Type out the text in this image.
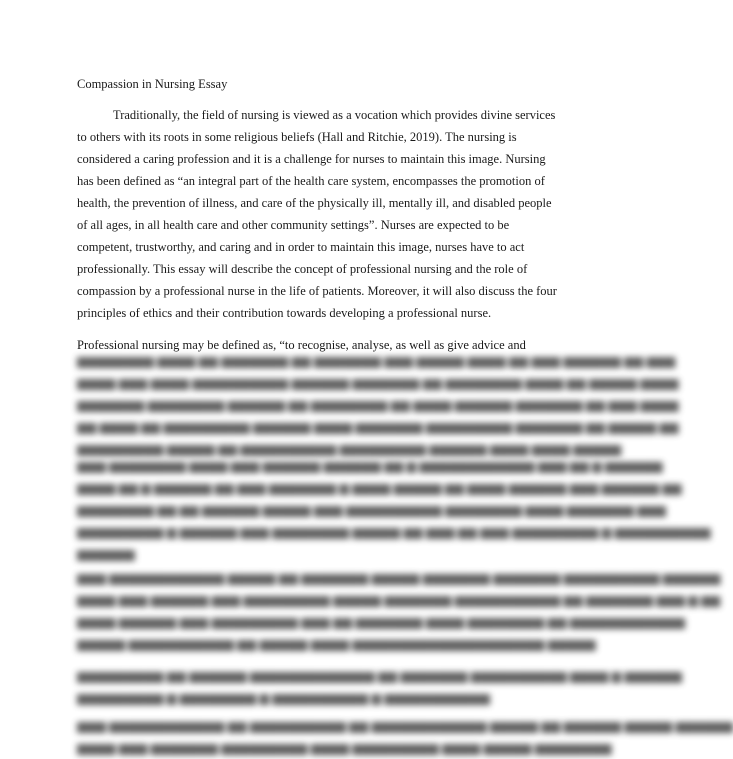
Compassion in Nursing Essay

Traditionally, the field of nursing is viewed as a vocation which provides divine services
to others with its roots in some religious beliefs (Hall and Ritchie, 2019). The nursing is
considered a caring profession and it is a challenge for nurses to maintain this image. Nursing
has been defined as “an integral part of the health care system, encompasses the promotion of
health, the prevention of illness, and care of the physically ill, mentally ill, and disabled people
of all ages, in all health care and other community settings”. Nurses are expected to be
competent, trustworthy, and caring and in order to maintain this image, nurses have to act
professionally. This essay will describe the concept of professional nursing and the role of
compassion by a professional nurse in the life of patients. Moreover, it will also discuss the four
principles of ethics and their contribution towards developing a professional nurse.

Professional nursing may be defined as, “to recognise, analyse, as well as give advice and

▆▆▆▆▆▆▆▆ ▆▆▆▆ ▆▆ ▆▆▆▆▆▆▆ ▆▆ ▆▆▆▆▆▆▆ ▆▆▆ ▆▆▆▆▆ ▆▆▆▆ ▆▆ ▆▆▆ ▆▆▆▆▆▆ ▆▆ ▆▆▆
▆▆▆▆ ▆▆▆ ▆▆▆▆ ▆▆▆▆▆▆▆▆▆▆ ▆▆▆▆▆▆ ▆▆▆▆▆▆▆ ▆▆ ▆▆▆▆▆▆▆▆ ▆▆▆▆ ▆▆ ▆▆▆▆▆ ▆▆▆▆
▆▆▆▆▆▆▆ ▆▆▆▆▆▆▆▆ ▆▆▆▆▆▆ ▆▆ ▆▆▆▆▆▆▆▆ ▆▆ ▆▆▆▆ ▆▆▆▆▆▆ ▆▆▆▆▆▆▆ ▆▆ ▆▆▆ ▆▆▆▆
▆▆ ▆▆▆▆ ▆▆ ▆▆▆▆▆▆▆▆▆ ▆▆▆▆▆▆ ▆▆▆▆ ▆▆▆▆▆▆▆ ▆▆▆▆▆▆▆▆▆ ▆▆▆▆▆▆▆ ▆▆ ▆▆▆▆▆ ▆▆
▆▆▆▆▆▆▆▆▆ ▆▆▆▆▆ ▆▆ ▆▆▆▆▆▆▆▆▆▆ ▆▆▆▆▆▆▆▆▆ ▆▆▆▆▆▆ ▆▆▆▆ ▆▆▆▆ ▆▆▆▆▆
▆▆▆ ▆▆▆▆▆▆▆▆ ▆▆▆▆ ▆▆▆ ▆▆▆▆▆▆ ▆▆▆▆▆▆ ▆▆ ▆ ▆▆▆▆▆▆▆▆▆▆▆▆ ▆▆▆ ▆▆ ▆ ▆▆▆▆▆▆
▆▆▆▆ ▆▆ ▆ ▆▆▆▆▆▆ ▆▆ ▆▆▆ ▆▆▆▆▆▆▆ ▆ ▆▆▆▆ ▆▆▆▆▆ ▆▆ ▆▆▆▆ ▆▆▆▆▆▆ ▆▆▆ ▆▆▆▆▆▆ ▆▆
▆▆▆▆▆▆▆▆ ▆▆ ▆▆ ▆▆▆▆▆▆ ▆▆▆▆▆ ▆▆▆ ▆▆▆▆▆▆▆▆▆▆ ▆▆▆▆▆▆▆▆ ▆▆▆▆ ▆▆▆▆▆▆▆ ▆▆▆
▆▆▆▆▆▆▆▆▆ ▆ ▆▆▆▆▆▆ ▆▆▆ ▆▆▆▆▆▆▆▆ ▆▆▆▆▆ ▆▆ ▆▆▆ ▆▆ ▆▆▆ ▆▆▆▆▆▆▆▆▆ ▆ ▆▆▆▆▆▆▆▆▆▆
▆▆▆▆▆▆
▆▆▆ ▆▆▆▆▆▆▆▆▆▆▆▆ ▆▆▆▆▆ ▆▆ ▆▆▆▆▆▆▆ ▆▆▆▆▆ ▆▆▆▆▆▆▆ ▆▆▆▆▆▆▆ ▆▆▆▆▆▆▆▆▆▆ ▆▆▆▆▆▆
▆▆▆▆ ▆▆▆ ▆▆▆▆▆▆ ▆▆▆ ▆▆▆▆▆▆▆▆▆ ▆▆▆▆▆ ▆▆▆▆▆▆▆ ▆▆▆▆▆▆▆▆▆▆▆ ▆▆ ▆▆▆▆▆▆▆ ▆▆▆ ▆ ▆▆
▆▆▆▆ ▆▆▆▆▆▆ ▆▆▆ ▆▆▆▆▆▆▆▆▆ ▆▆▆ ▆▆ ▆▆▆▆▆▆▆ ▆▆▆▆ ▆▆▆▆▆▆▆▆ ▆▆ ▆▆▆▆▆▆▆▆▆▆▆▆
▆▆▆▆▆ ▆▆▆▆▆▆▆▆▆▆▆ ▆▆ ▆▆▆▆▆ ▆▆▆▆ ▆▆▆▆▆▆▆▆▆▆▆▆▆▆▆▆▆▆▆▆ ▆▆▆▆▆
▆▆▆▆▆▆▆▆▆ ▆▆ ▆▆▆▆▆▆ ▆▆▆▆▆▆▆▆▆▆▆▆▆ ▆▆ ▆▆▆▆▆▆▆ ▆▆▆▆▆▆▆▆▆▆ ▆▆▆▆ ▆ ▆▆▆▆▆▆
▆▆▆▆▆▆▆▆▆ ▆ ▆▆▆▆▆▆▆▆ ▆ ▆▆▆▆▆▆▆▆▆▆ ▆ ▆▆▆▆▆▆▆▆▆▆▆
▆▆▆ ▆▆▆▆▆▆▆▆▆▆▆▆ ▆▆ ▆▆▆▆▆▆▆▆▆▆ ▆▆ ▆▆▆▆▆▆▆▆▆▆▆▆ ▆▆▆▆▆ ▆▆ ▆▆▆▆▆▆ ▆▆▆▆▆ ▆▆▆▆▆▆
▆▆▆▆ ▆▆▆ ▆▆▆▆▆▆▆ ▆▆▆▆▆▆▆▆▆ ▆▆▆▆ ▆▆▆▆▆▆▆▆▆ ▆▆▆▆ ▆▆▆▆▆ ▆▆▆▆▆▆▆▆
